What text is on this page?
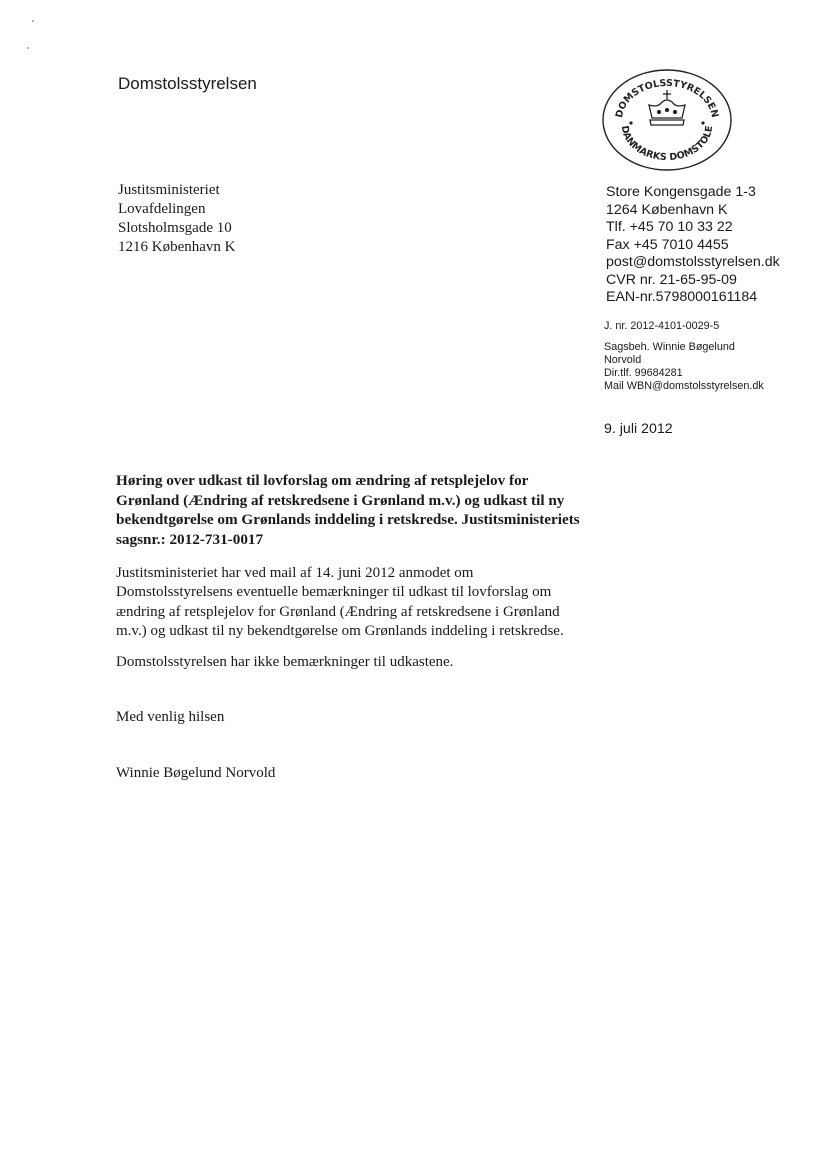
Domstolsstyrelsen
DOMSTOLSSTYRELSEN
DANMARKS DOMSTOLE
Justitsministeriet
Lovafdelingen
Slotsholmsgade 10
1216 København K
Store Kongensgade 1-3
1264 København K
Tlf. +45 70 10 33 22
Fax +45 7010 4455
post@domstolsstyrelsen.dk
CVR nr. 21-65-95-09
EAN-nr.5798000161184
J. nr. 2012-4101-0029-5
Sagsbeh. Winnie Bøgelund
Norvold
Dir.tlf. 99684281
Mail WBN@domstolsstyrelsen.dk
9. juli 2012
Høring over udkast til lovforslag om ændring af retsplejelov for
Grønland (Ændring af retskredsene i Grønland m.v.) og udkast til ny
bekendtgørelse om Grønlands inddeling i retskredse. Justitsministeriets
sagsnr.: 2012-731-0017
Justitsministeriet har ved mail af 14. juni 2012 anmodet om
Domstolsstyrelsens eventuelle bemærkninger til udkast til lovforslag om
ændring af retsplejelov for Grønland (Ændring af retskredsene i Grønland
m.v.) og udkast til ny bekendtgørelse om Grønlands inddeling i retskredse.
Domstolsstyrelsen har ikke bemærkninger til udkastene.
Med venlig hilsen
Winnie Bøgelund Norvold
